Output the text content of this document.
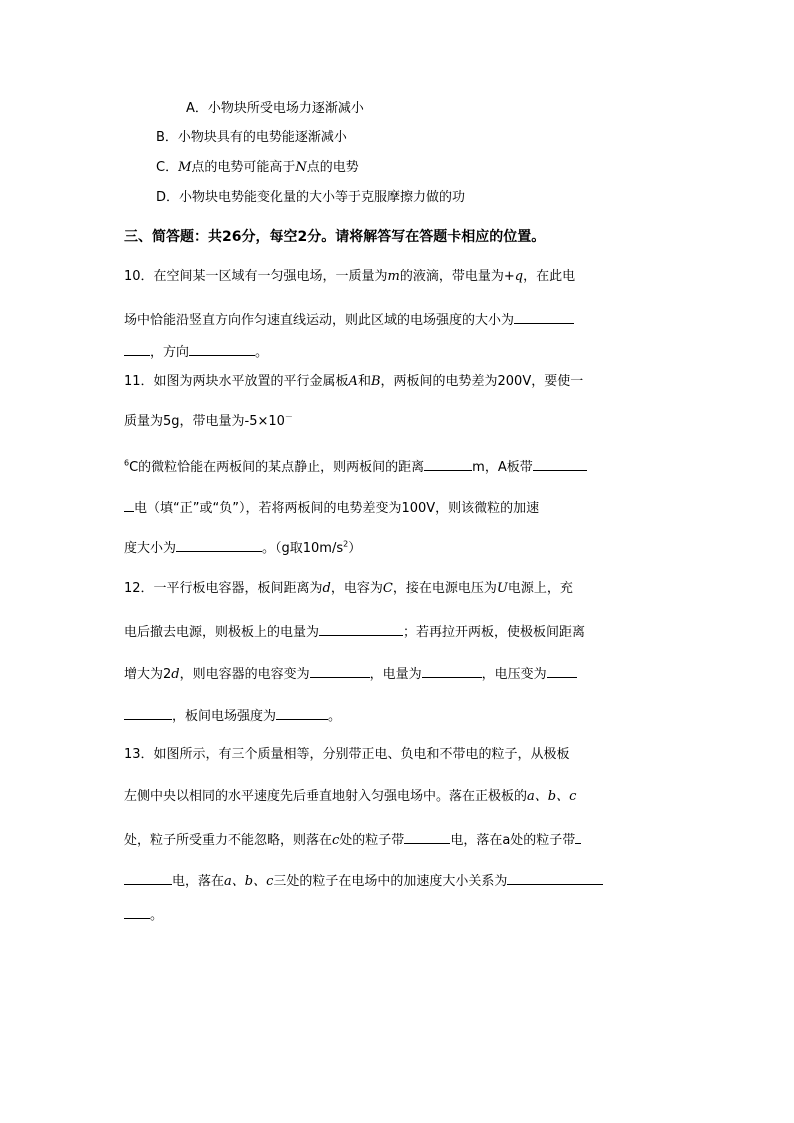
A．小物块所受电场力逐渐减小

B．小物块具有的电势能逐渐减小

C．M点的电势可能高于N点的电势

D．小物块电势能变化量的大小等于克服摩擦力做的功

三、简答题：共26分，每空2分。请将解答写在答题卡相应的位置。

10．在空间某一区域有一匀强电场，一质量为m的液滴，带电量为+q，在此电

场中恰能沿竖直方向作匀速直线运动，则此区域的电场强度的大小为

，方向	。

11．如图为两块水平放置的平行金属板A和B，两板间的电势差为200V，要使一

质量为5g，带电量为-5×10－

$^6$C的微粒恰能在两板间的某点静止，则两板间的距离	m，A板带

电（填“正”或“负”），若将两板间的电势差变为100V，则该微粒的加速

度大小为	。（g取$10m/s^2$）

12．一平行板电容器，板间距离为d，电容为C，接在电源电压为U电源上，充

电后撤去电源，则极板上的电量为	；若再拉开两板，使极板间距离

增大为2d，则电容器的电容变为	，电量为	，电压变为

，板间电场强度为	。

13．如图所示，有三个质量相等，分别带正电、负电和不带电的粒子，从极板

左侧中央以相同的水平速度先后垂直地射入匀强电场中。落在正极板的a、b、c

处，粒子所受重力不能忽略，则落在c处的粒子带	电，落在a处的粒子带

电，落在a、b、c三处的粒子在电场中的加速度大小关系为

。
